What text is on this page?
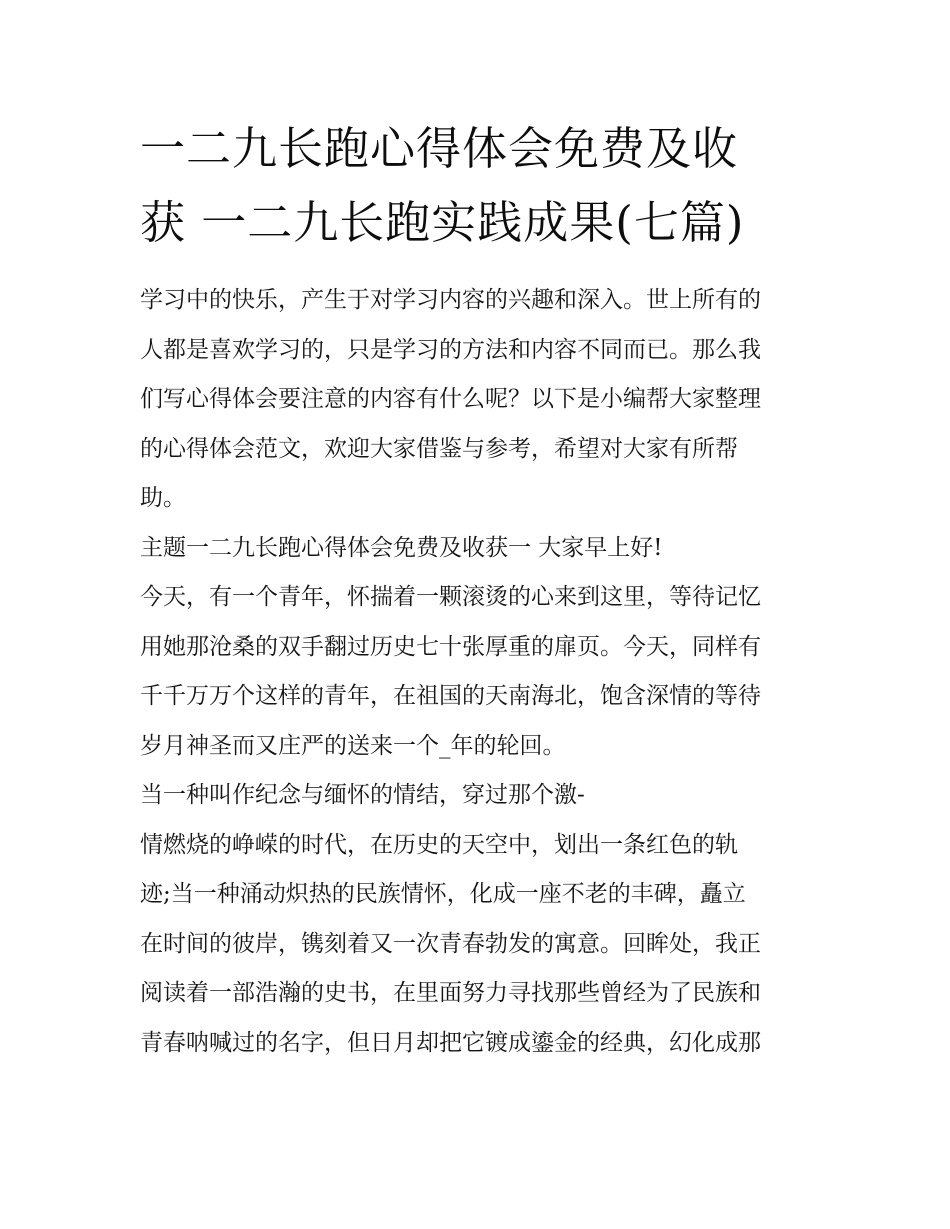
一二九长跑心得体会免费及收
获 一二九长跑实践成果(七篇)
学习中的快乐，产生于对学习内容的兴趣和深入。世上所有的
人都是喜欢学习的，只是学习的方法和内容不同而已。那么我
们写心得体会要注意的内容有什么呢？以下是小编帮大家整理
的心得体会范文，欢迎大家借鉴与参考，希望对大家有所帮
助。
主题一二九长跑心得体会免费及收获一 大家早上好!
今天，有一个青年，怀揣着一颗滚烫的心来到这里，等待记忆
用她那沧桑的双手翻过历史七十张厚重的扉页。今天，同样有
千千万万个这样的青年，在祖国的天南海北，饱含深情的等待
岁月神圣而又庄严的送来一个_年的轮回。
当一种叫作纪念与缅怀的情结，穿过那个激-
情燃烧的峥嵘的时代，在历史的天空中，划出一条红色的轨
迹;当一种涌动炽热的民族情怀，化成一座不老的丰碑，矗立
在时间的彼岸，镌刻着又一次青春勃发的寓意。回眸处，我正
阅读着一部浩瀚的史书，在里面努力寻找那些曾经为了民族和
青春呐喊过的名字，但日月却把它镀成鎏金的经典，幻化成那
